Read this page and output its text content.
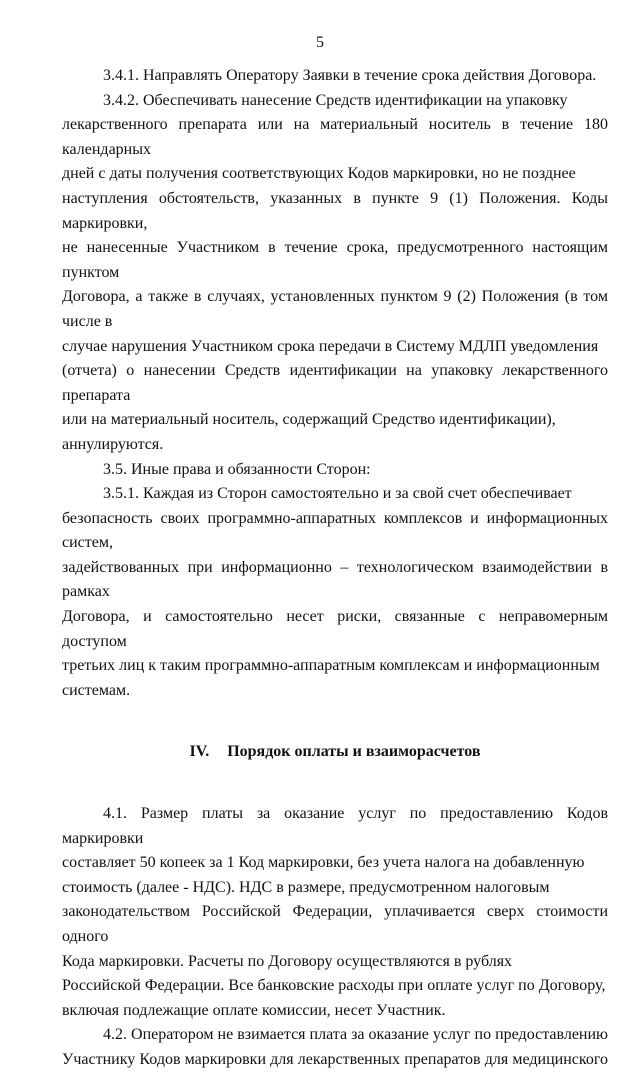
5

3.4.1. Направлять Оператору Заявки в течение срока действия Договора.

3.4.2. Обеспечивать нанесение Средств идентификации на упаковку
лекарственного препарата или на материальный носитель в течение 180 календарных
дней с даты получения соответствующих Кодов маркировки, но не позднее
наступления обстоятельств, указанных в пункте 9 (1) Положения. Коды маркировки,
не нанесенные Участником в течение срока, предусмотренного настоящим пунктом
Договора, а также в случаях, установленных пунктом 9 (2) Положения (в том числе в
случае нарушения Участником срока передачи в Систему МДЛП уведомления
(отчета) о нанесении Средств идентификации на упаковку лекарственного препарата
или на материальный носитель, содержащий Средство идентификации),
аннулируются.

3.5. Иные права и обязанности Сторон:

3.5.1. Каждая из Сторон самостоятельно и за свой счет обеспечивает
безопасность своих программно-аппаратных комплексов и информационных систем,
задействованных при информационно – технологическом взаимодействии в рамках
Договора, и самостоятельно несет риски, связанные с неправомерным доступом
третьих лиц к таким программно-аппаратным комплексам и информационным
системам.

IV. Порядок оплаты и взаиморасчетов

4.1. Размер платы за оказание услуг по предоставлению Кодов маркировки
составляет 50 копеек за 1 Код маркировки, без учета налога на добавленную
стоимость (далее - НДС). НДС в размере, предусмотренном налоговым
законодательством Российской Федерации, уплачивается сверх стоимости одного
Кода маркировки. Расчеты по Договору осуществляются в рублях
Российской Федерации. Все банковские расходы при оплате услуг по Договору,
включая подлежащие оплате комиссии, несет Участник.

4.2. Оператором не взимается плата за оказание услуг по предоставлению
Участнику Кодов маркировки для лекарственных препаратов для медицинского
